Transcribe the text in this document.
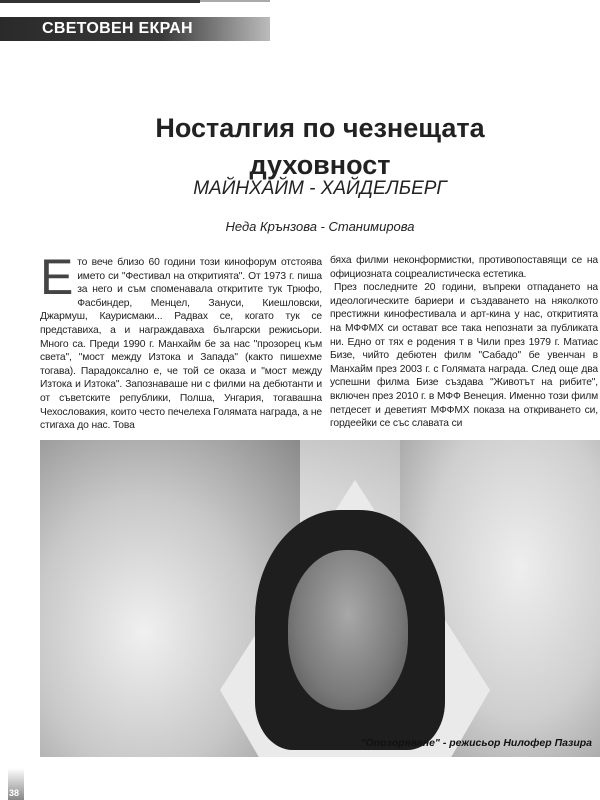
СВЕТОВЕН ЕКРАН
Носталгия по чезнещата
духовност
МАЙНХАЙМ - ХАЙДЕЛБЕРГ
Неда Крънзова - Станимирова
Ето вече близо 60 години този кинофорум отстоява името си "Фестивал на откритията". От 1973 г. пиша за него и съм споменавала откритите тук Трюфо, Фасбиндер, Менцел, Зануси, Киешловски, Джармуш, Каурисмаки... Радвах се, когато тук се представиха, а и награждаваха български режисьори. Много са. Преди 1990 г. Манхайм бе за нас "прозорец към света", "мост между Изтока и Запада" (както пишехме тогава). Парадоксално е, че той се оказа и "мост между Изтока и Изтока". Запознаваше ни с филми на дебютанти и от съветските републики, Полша, Унгария, тогавашна Чехословакия, които често печелеха Голямата награда, а не стигаха до нас. Това

бяха филми неконформистки, противопоставящи се на официозната соцреалистическа естетика.

През последните 20 години, въпреки отпадането на идеологическите бариери и създаването на няколкото престижни кинофестивала и арт-кина у нас, откритията на МФФМХ си остават все така непознати за публиката ни. Едно от тях е родения т в Чили през 1979 г. Матиас Бизе, чийто дебютен филм "Сабадо" бе увенчан в Манхайм през 2003 г. с Голямата награда. След още два успешни филма Бизе създава "Животът на рибите", включен през 2010 г. в МФФ Венеция. Именно този филм петдесет и деветият МФФМХ показа на откриването си, гордеейки се със славата си

"Опозоряване" - режисьор Нилофер Пазира
38
